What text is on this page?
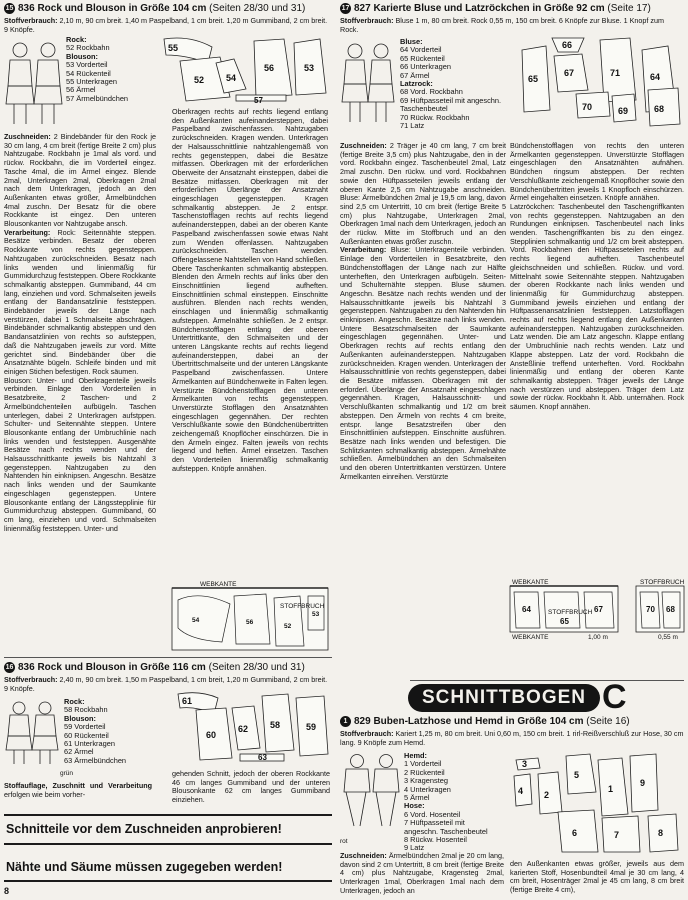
15 836 Rock und Blouson in Größe 104 cm (Seiten 28/30 und 31)
Stoffverbrauch: 2,10 m, 90 cm breit. 1,40 m Paspelband, 1 cm breit. 1,20 m Gummiband, 2 cm breit. 9 Knöpfe.
Rock:
52 Rockbahn
Blouson:
53 Vorderteil
54 Rückenteil
55 Unterkragen
56 Ärmel
57 Ärmelbündchen
55
52 54
56	53
57

Zuschneiden: 2 Bindebänder für den Rock je 30 cm lang, 4 cm breit (fertige Breite 2 cm) plus Nahtzugabe. Rockbahn je 1mal als vord. und rückw. Rockbahn, die im Vorderteil eingez. Tasche 4mal, die im Ärmel eingez. Blende 2mal, Unterkragen 2mal, Oberkragen 2mal nach dem Unterkragen, jedoch an den Außenkanten etwas größer, Ärmelbündchen 4mal zuschn. Der Besatz für die obere Rockkante ist eingez. Den unteren Blousonkanten vor Nahtzugabe ansch.

Verarbeitung: Rock: Seitennähte steppen. Besätze verbinden. Besatz der oberen Rockkante von rechts gegensteppen. Nahtzugaben zurückschneiden. Besatz nach links wenden und linienmäßig für Gummidurchzug feststeppen. Obere Rockkante schmalkantig absteppen. Gummiband, 44 cm lang, einziehen und vord. Schmalseiten jeweils entlang der Bandansatzlinie feststeppen. Bindebänder jeweils der Länge nach verstürzen, dabei 1 Schmalseite abschrägen. Bindebänder schmalkantig absteppen und den Bandansatzlinien von rechts so aufsteppen, daß die Nahtzugaben jeweils zur vord. Mitte gerichtet sind. Bindebänder über die Ansatznähte bügeln. Schleife binden und mit einigen Stichen befestigen. Rock säumen.

Blouson: Unter- und Oberkragenteile jeweils verbinden. Einlage den Vorderteilen in Besatzbreite, 2 Taschen- und 2 Ärmelbündchenteilen aufbügeln. Taschen unterlegen, dabei 2 Unterkragen aufstppen. Schulter- und Seitennähte steppen. Untere Blousonkante entlang der Umbruchlinie nach links wenden und feststeppen. Ausgenähte Besätze nach rechts wenden und der Halsausschnittkante jeweils bis Nahtzahl 3 gegensteppen. Nahtzugaben zu den Nahtenden hin einknipsen. Angeschn. Besätze nach links wenden und der Saumkante eingeschlagen gegensteppen. Untere Blousonkante entlang der Längsstepplinie für Gummidurchzug absteppen. Gummiband, 60 cm lang, einziehen und vord. Schmalseiten linienmäßig feststeppen. Unter- und

Oberkragen rechts auf rechts liegend entlang den Außenkanten aufeinandersteppen, dabei Paspelband zwischenfassen. Nahtzugaben zurückschneiden. Kragen wenden. Unterkragen der Halsausschnittlinie nahtzahlengemäß von rechts gegensteppen, dabei die Besätze mitfassen. Oberkragen mit der erforderlichen Oberweite der Ansatznaht einsteppen, dabei die Besätze mitfassen. Oberkragen mit der erforderlichen Überlänge der Ansatznaht eingeschlagen gegensteppen. Kragen schmalkantig absteppen. Je 2 entspr. Taschenstofflagen rechts auf rechts liegend aufeinandersteppen, dabei an der oberen Kante Paspelband zwischenfassen sowie etwas Naht zum Wenden offenlassen. Nahtzugaben zurückschneiden. Taschen wenden. Offengelassene Nahtstellen von Hand schließen. Obere Taschenkanten schmalkantig absteppen. Blenden den Ärmeln rechts auf links über den Einschnittlinien liegend aufheften. Einschnittlinien schmal einsteppen. Einschnitte ausführen. Blenden nach rechts wenden, einschlagen und linienmäßig schmalkantig aufsteppen. Ärmelnähte schließen. Je 2 entspr. Bündchenstofflagen entlang der oberen Untertrittkante, den Schmalseiten und der unteren Längskante rechts auf rechts liegend aufeinandersteppen, dabei an der Übertrittschmalseite und der unteren Längskante Paspelband zwischenfassen. Untere Ärmelkanten auf Bündchenweite in Falten legen. Verstürzte Bündchenstofflagen den unteren Ärmelkanten von rechts gegensteppen. Unverstürzte Stofflagen den Ansatznähten eingeschlagen gegennähen. Der rechten Verschlußkante sowie den Bündchenübertritten zeichengemäß Knopflöcher einschürzen. Die in den Ärmeln eingez. Falten jeweils von rechts liegend und heften. Ärmel einsetzen. Taschen den Vorderteilen linienmäßig schmalkantig aufsteppen. Knöpfe annähen.

WEBKANTE
STOFFBRUCH
54	56
52
53
17 827 Karierte Bluse und Latzröckchen in Größe 92 cm (Seite 17)
Stoffverbrauch: Bluse 1 m, 80 cm breit. Rock 0,55 m, 150 cm breit. 6 Knöpfe zur Bluse. 1 Knopf zum Rock.
Bluse:
64 Vorderteil
65 Rückenteil
66 Unterkragen
67 Ärmel
Latzrock:
68 Vord. Rockbahn
69 Hüftpasseteil mit angeschn.
Taschenbeutel
70 Rückw. Rockbahn
71 Latz
65
66
67	71	64
70	69	68

Zuschneiden: 2 Träger je 40 cm lang, 7 cm breit (fertige Breite 3,5 cm) plus Nahtzugabe, den in der vord. Rockbahn eingez. Taschenbeutel 2mal, Latz 2mal zuschn. Den rückw. und vord. Rockbahnen sowie den Hüftpasseteilen jeweils entlang der oberen Kante 2,5 cm Nahtzugabe anschneiden. Bluse: Ärmelbündchen 2mal je 19,5 cm lang, davon sind 2,5 cm Untertritt, 10 cm breit (fertige Breite 5 cm) plus Nahtzugabe, Unterkragen 2mal, Oberkragen 1mal nach dem Unterkragen, jedoch an der rückw. Mitte im Stoffbruch und an den Außenkanten etwas größer zuschn.

Verarbeitung: Bluse: Unterkragenteile verbinden. Einlage den Vorderteilen in Besatzbreite, den Bündchenstofflagen der Länge nach zur Hälfte unterheften, den Unterkragen aufbügeln. Seiten- und Schulternähte steppen. Bluse säumen. Angeschn. Besätze nach rechts wenden und der Halsausschnittkante jeweils bis Nahtzahl 3 gegensteppen. Nahtzugaben zu den Nahtenden hin einknipsen. Angeschn. Besätze nach links wenden. Untere Besatzschmalseiten der Saumkante eingeschlagen gegennähen. Unter- und Oberkragen rechts auf rechts entlang den Außenkanten aufeinandersteppen. Nahtzugaben zurückschneiden. Kragen wenden. Unterkragen der Halsausschnittlinie von rechts gegensteppen, dabei die Besätze mitfassen. Oberkragen mit der erforderl. Überlänge der Ansatznaht eingeschlagen gegennähen. Kragen, Halsausschnitt- und Verschlußkanten schmalkantig und 1/2 cm breit absteppen. Den Ärmeln von rechts 4 cm breite, entspr. lange Besatzstreifen über den Einschnittlinien aufsteppen. Einschnitte ausführen. Besätze nach links wenden und befestigen. Die Schlitzkanten schmalkantig absteppen. Ärmelnähte schließen. Ärmelbündchen an den Schmalseiten und den oberen Untertrittkanten verstürzen. Untere Ärmelkanten einreihen. Verstürzte

Bündchenstofflagen von rechts den unteren Ärmelkanten gegensteppen. Unverstürzte Stofflagen eingeschlagen den Ansatznähten aufnähen. Bündchen ringsum absteppen. Der rechten Verschlußkante zeichengemäß Knopflöcher sowie den Bündchenübertritten jeweils 1 Knopfloch einschürzen. Ärmel eingehalten einsetzen. Knöpfe annähen.

Latzröckchen: Taschenbeutel den Taschengriffkanten von rechts gegensteppen. Nahtzugaben an den Rundungen einknipsen. Taschenbeutel nach links wenden. Taschengriffkanten bis zu den eingez. Stepplinien schmalkantig und 1/2 cm breit absteppen. Vord. Rockbahnen den Hüftpasseteilen rechts auf rechts liegend aufheften. Taschenbeutel gleichschneiden und schließen. Rückw. und vord. Mittelnaht sowie Seitennähte steppen. Nahtzugaben der oberen Rockkante nach links wenden und linienmäßig für Gummidurchzug absteppen. Gummiband jeweils einziehen und entlang der Hüftpassenansatzlinien feststeppen. Latzstofflagen rechts auf rechts liegend entlang den Außenkanten aufeinandersteppen. Nahtzugaben zurückschneiden. Latz wenden. Die am Latz angeschn. Klappe entlang der Umbruchlinie nach rechts wenden. Latz und Klappe absteppen. Latz der vord. Rockbahn die Ansteßlinie treffend unterheften. Vord. Rockbahn linienmäßig und entlang der oberen Kante schmalkantig absteppen. Träger jeweils der Länge nach verstürzen und absteppen. Träger dem Latz sowie der rückw. Rockbahn lt. Abb. unternähen. Rock säumen. Knopf annähen.

WEBKANTE
STOFFBRUCH
STOFFBRUCH
WEBKANTE	1,00 m	0,55 m
64
65
67	70 68
16 836 Rock und Blouson in Größe 116 cm (Seiten 28/30 und 31)
Stoffverbrauch: 2,40 m, 90 cm breit. 1,50 m Paspelband, 1 cm breit, 1,20 m Gummiband, 2 cm breit. 9 Knöpfe.
Rock:
58 Rockbahn
Blouson:
59 Vorderteil
60 Rückenteil
61 Unterkragen
62 Ärmel
63 Ärmelbündchen
grün
61
60
62 58	59
63

Stoffauflage, Zuschnitt und Verarbeitung erfolgen wie beim vorher-

gehenden Schnitt, jedoch der oberen Rockkante 46 cm langes Gummiband und der unteren Blousonkante 62 cm langes Gummiband einziehen.

Schnitteile vor dem Zuschneiden anprobieren!
Nähte und Säume müssen zugegeben werden!
8
SCHNITTBOGEN C
1 829 Buben-Latzhose und Hemd in Größe 104 cm (Seite 16)
Stoffverbrauch: Kariert 1,25 m, 80 cm breit. Uni 0,60 m, 150 cm breit. 1 rirl-Reißverschluß zur Hose, 30 cm lang. 9 Knöpfe zum Hemd.
rot
Hemd:
1 Vorderteil
2 Rückenteil
3 Kragensteg
4 Unterkragen
5 Ärmel
Hose:
6 Vord. Hosenteil
7 Hüftpasseteil mit
angeschn. Taschenbeutel
8 Rückw. Hosenteil
9 Latz
3
4 2
5
1
9
6	7	8

Zuschneiden: Ärmelbündchen 2mal je 20 cm lang, davon sind 2 cm Untertritt, 8 cm breit (fertige Breite 4 cm) plus Nahtzugabe, Kragensteg 2mal, Unterkragen 1mal, Oberkragen 1mal nach dem Unterkragen, jedoch an

den Außenkanten etwas größer, jeweils aus dem karierten Stoff, Hosenbundteil 4mal je 30 cm lang, 4 cm breit, Hosenträger 2mal je 45 cm lang, 8 cm breit (fertige Breite 4 cm),
